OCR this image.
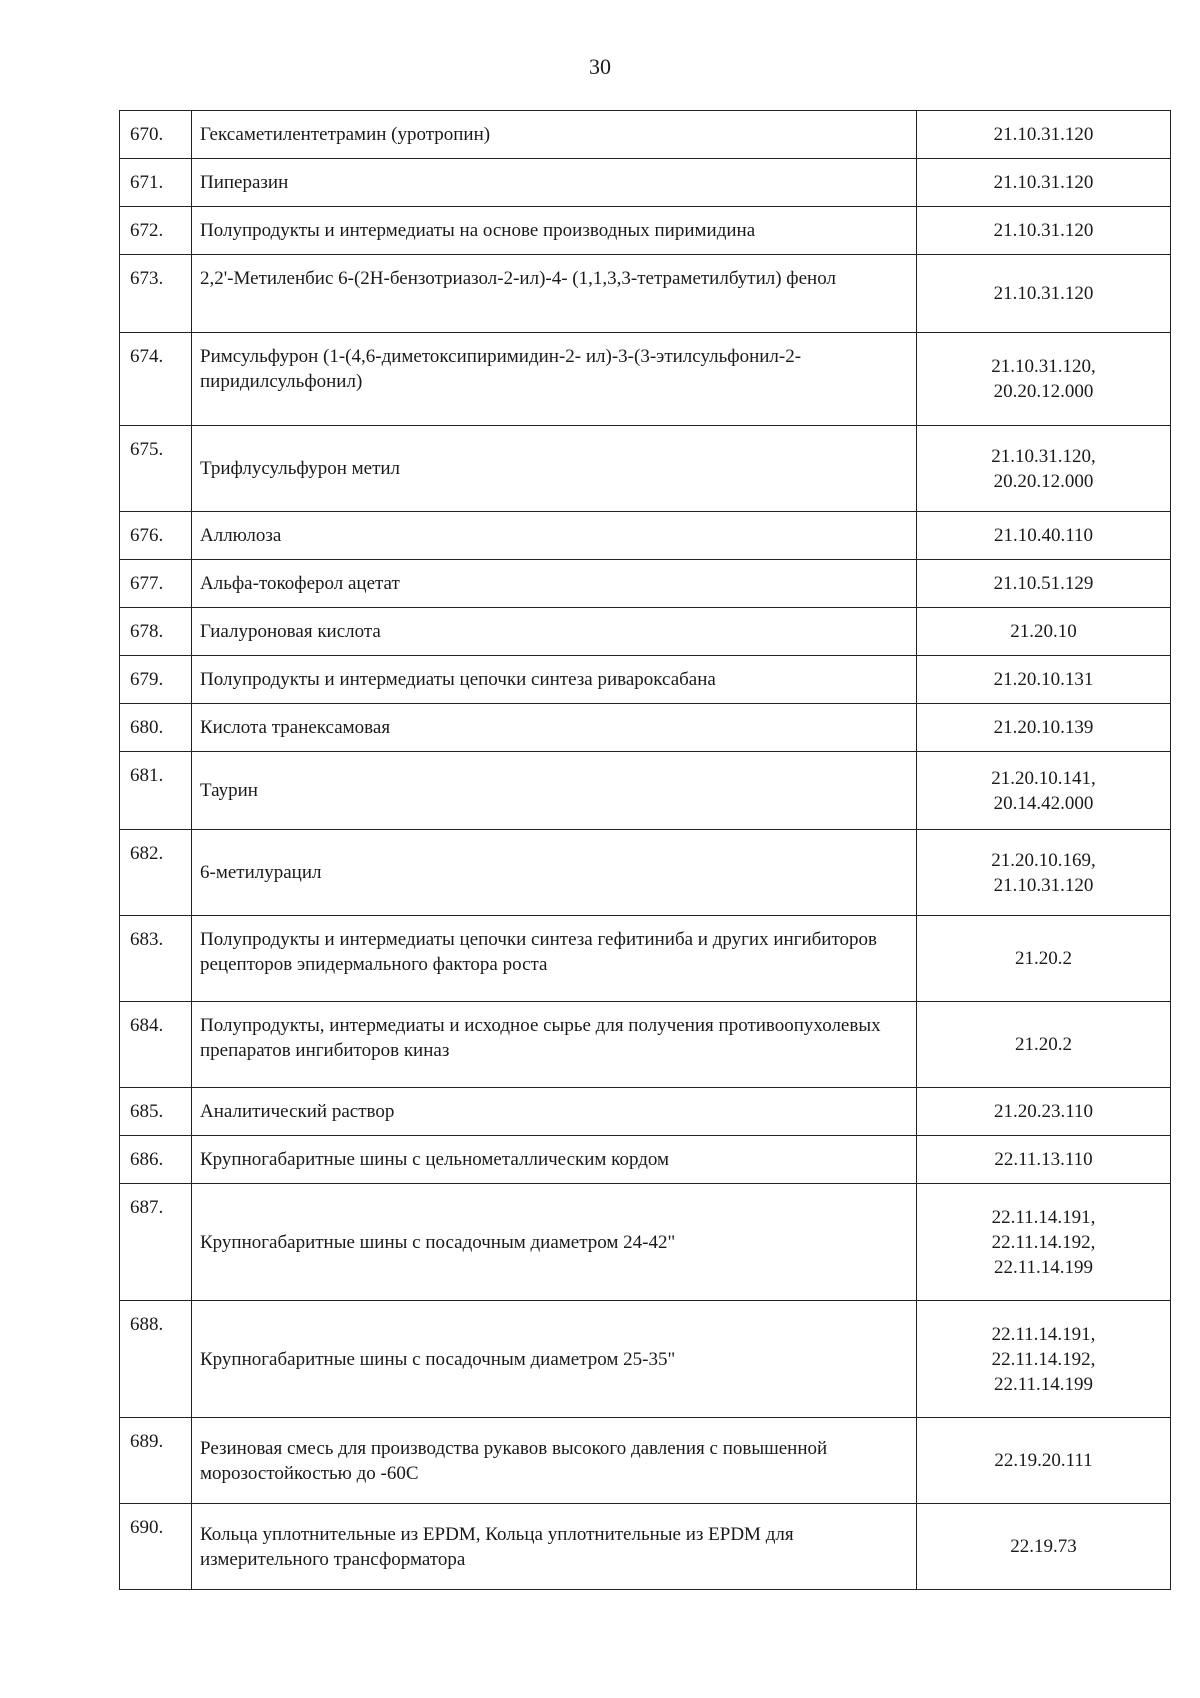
30
670.	Гексаметилентетрамин (уротропин)	21.10.31.120
671.	Пиперазин	21.10.31.120
672.	Полупродукты и интермедиаты на основе производных пиримидина	21.10.31.120
673.	2,2'-Метиленбис 6-(2Н-бензотриазол-2-ил)-4- (1,1,3,3-тетраметилбутил) фенол	21.10.31.120
674.	Римсульфурон (1-(4,6-диметоксипиримидин-2- ил)-3-(3-этилсульфонил-2-пиридилсульфонил)	21.10.31.120,
20.20.12.000
675.	Трифлусульфурон метил	21.10.31.120,
20.20.12.000
676.	Аллюлоза	21.10.40.110
677.	Альфа-токоферол ацетат	21.10.51.129
678.	Гиалуроновая кислота	21.20.10
679.	Полупродукты и интермедиаты цепочки синтеза ривароксабана	21.20.10.131
680.	Кислота транексамовая	21.20.10.139
681.	Таурин	21.20.10.141,
20.14.42.000
682.	6-метилурацил	21.20.10.169,
21.10.31.120
683.	Полупродукты и интермедиаты цепочки синтеза гефитиниба и других ингибиторов рецепторов эпидермального фактора роста	21.20.2
684.	Полупродукты, интермедиаты и исходное сырье для получения противоопухолевых препаратов ингибиторов киназ	21.20.2
685.	Аналитический раствор	21.20.23.110
686.	Крупногабаритные шины с цельнометаллическим кордом	22.11.13.110
687.	Крупногабаритные шины с посадочным диаметром 24-42"	22.11.14.191,
22.11.14.192,
22.11.14.199
688.	Крупногабаритные шины с посадочным диаметром 25-35"	22.11.14.191,
22.11.14.192,
22.11.14.199
689.	Резиновая смесь для производства рукавов высокого давления с повышенной морозостойкостью до -60С	22.19.20.111
690.	Кольца уплотнительные из EPDM, Кольца уплотнительные из EPDM для измерительного трансформатора	22.19.73
